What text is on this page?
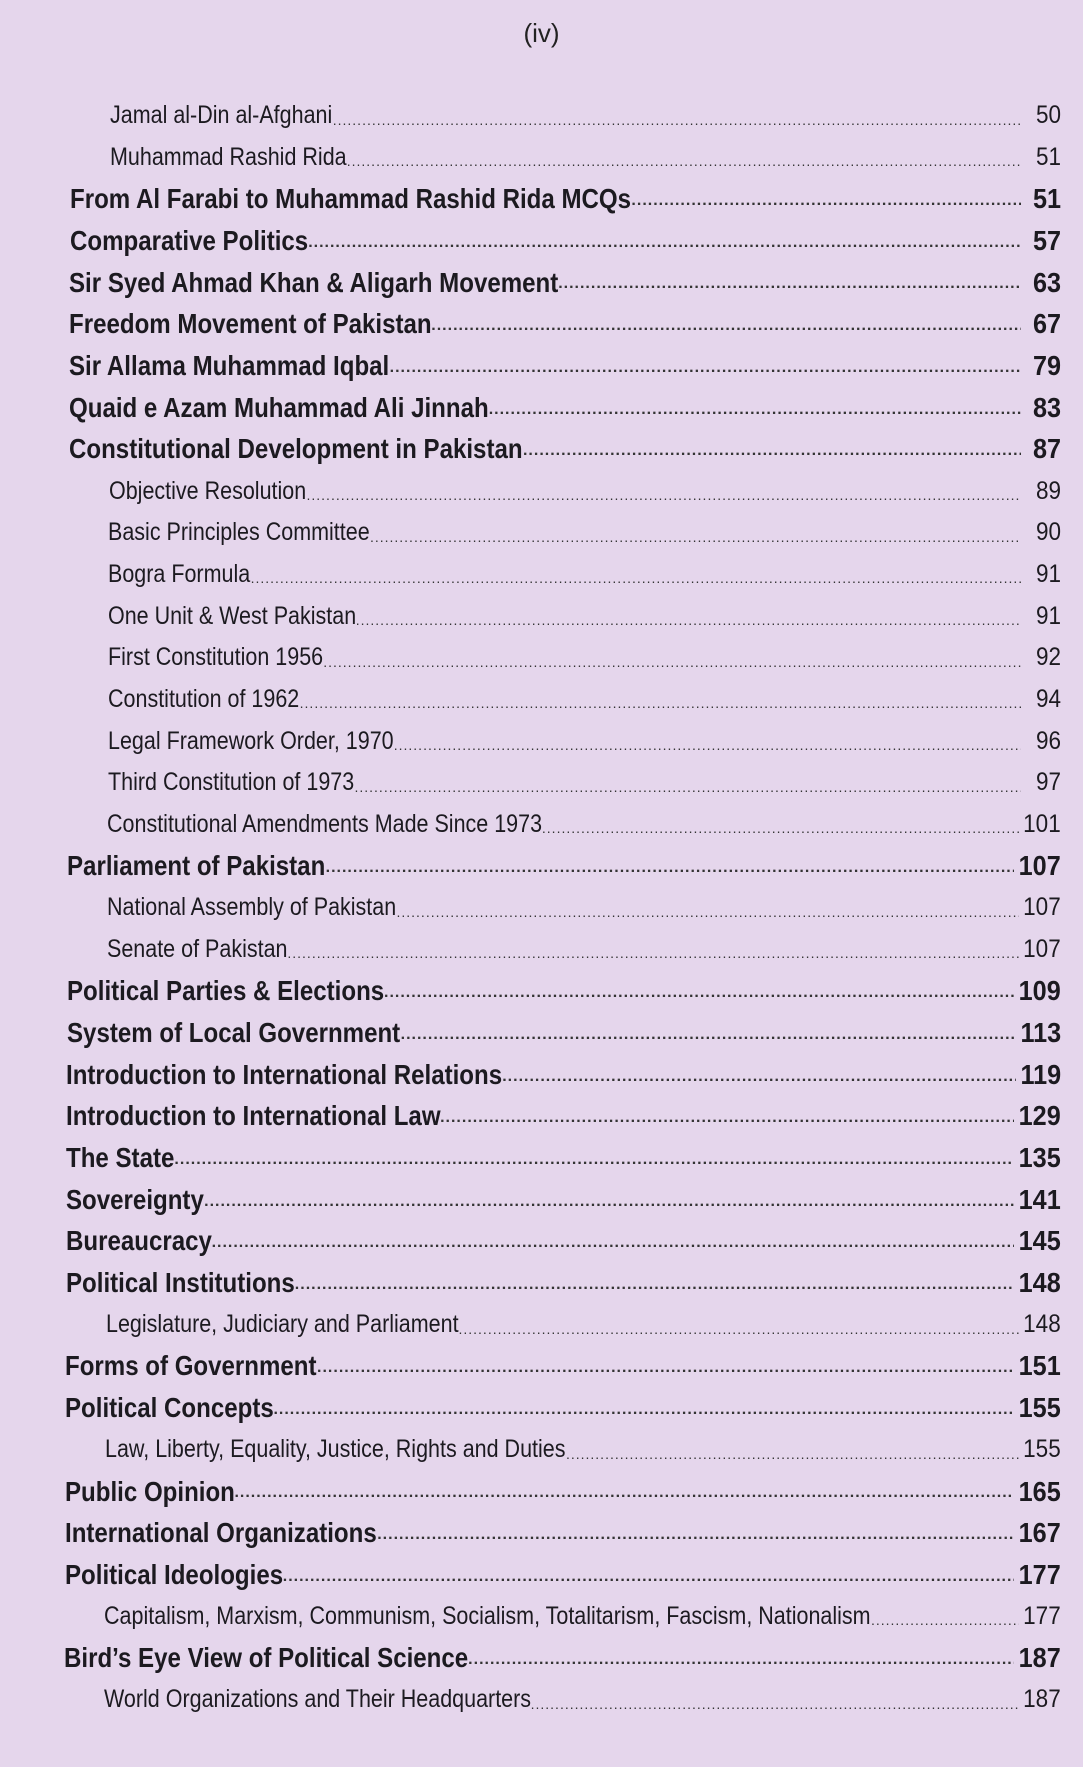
(iv)
Jamal al-Din al-Afghani .....	50
Muhammad Rashid Rida .....	51
From Al Farabi to Muhammad Rashid Rida MCQs .....	51
Comparative Politics .....	57
Sir Syed Ahmad Khan & Aligarh Movement .....	63
Freedom Movement of Pakistan .....	67
Sir Allama Muhammad Iqbal .....	79
Quaid e Azam Muhammad Ali Jinnah .....	83
Constitutional Development in Pakistan .....	87
Objective Resolution .....	89
Basic Principles Committee .....	90
Bogra Formula .....	91
One Unit & West Pakistan .....	91
First Constitution 1956 .....	92
Constitution of 1962 .....	94
Legal Framework Order, 1970 .....	96
Third Constitution of 1973 .....	97
Constitutional Amendments Made Since 1973 .....	101
Parliament of Pakistan .....	107
National Assembly of Pakistan .....	107
Senate of Pakistan .....	107
Political Parties & Elections .....	109
System of Local Government .....	113
Introduction to International Relations .....	119
Introduction to International Law .....	129
The State .....	135
Sovereignty .....	141
Bureaucracy .....	145
Political Institutions .....	148
Legislature, Judiciary and Parliament .....	148
Forms of Government .....	151
Political Concepts .....	155
Law, Liberty, Equality, Justice, Rights and Duties .....	155
Public Opinion .....	165
International Organizations .....	167
Political Ideologies .....	177
Capitalism, Marxism, Communism, Socialism, Totalitarism, Fascism, Nationalism .....	177
Bird’s Eye View of Political Science .....	187
World Organizations and Their Headquarters .....	187
